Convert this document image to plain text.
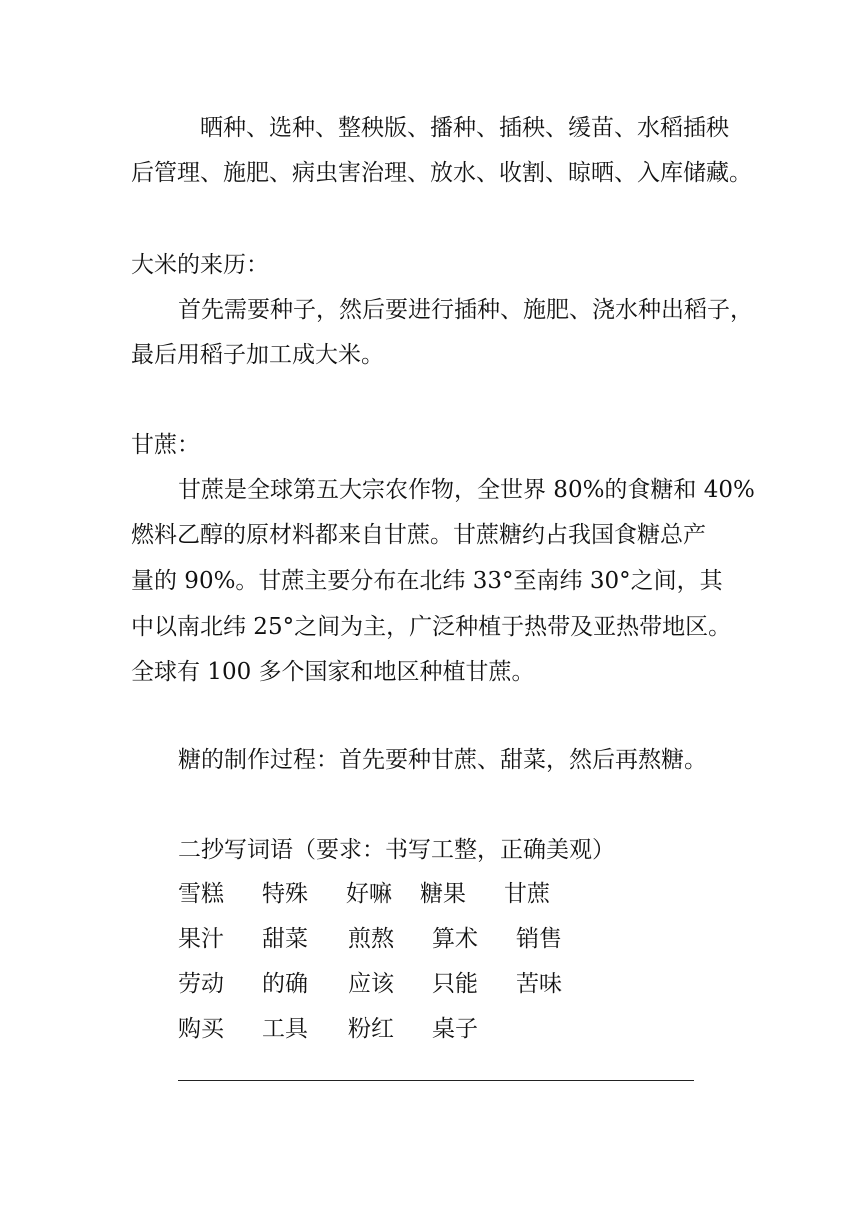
晒种、选种、整秧版、播种、插秧、缓苗、水稻插秧
后管理、施肥、病虫害治理、放水、收割、晾晒、入库储藏。
大米的来历：
首先需要种子，然后要进行插种、施肥、浇水种出稻子，
最后用稻子加工成大米。
甘蔗：
甘蔗是全球第五大宗农作物，全世界 80%的食糖和 40%
燃料乙醇的原材料都来自甘蔗。甘蔗糖约占我国食糖总产
量的 90%。甘蔗主要分布在北纬 33°至南纬 30°之间，其
中以南北纬 25°之间为主，广泛种植于热带及亚热带地区。
全球有 100 多个国家和地区种植甘蔗。
糖的制作过程：首先要种甘蔗、甜菜，然后再熬糖。
二抄写词语（要求：书写工整，正确美观）
雪糕 特殊 好嘛 糖果 甘蔗
果汁 甜菜 煎熬 算术 销售
劳动 的确 应该 只能 苦味
购买 工具 粉红 桌子
